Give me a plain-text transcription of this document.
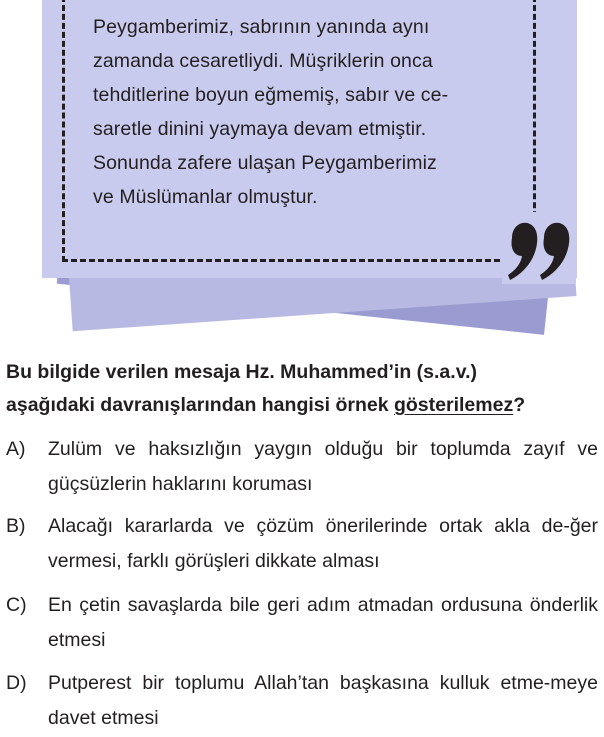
Peygamberimiz, sabrının yanında aynı
zamanda cesaretliydi. Müşriklerin onca
tehditlerine boyun eğmemiş, sabır ve ce-
saretle dinini yaymaya devam etmiştir.
Sonunda zafere ulaşan Peygamberimiz
ve Müslümanlar olmuştur.
Bu bilgide verilen mesaja Hz. Muhammed’in (s.a.v.)
aşağıdaki davranışlarından hangisi örnek gösterilemez?
A)	Zulüm ve haksızlığın yaygın olduğu bir toplumda zayıf ve güçsüzlerin haklarını koruması
B)	Alacağı kararlarda ve çözüm önerilerinde ortak akla de-ğer vermesi, farklı görüşleri dikkate alması
C)	En çetin savaşlarda bile geri adım atmadan ordusuna önderlik etmesi
D)	Putperest bir toplumu Allah’tan başkasına kulluk etme-meye davet etmesi
